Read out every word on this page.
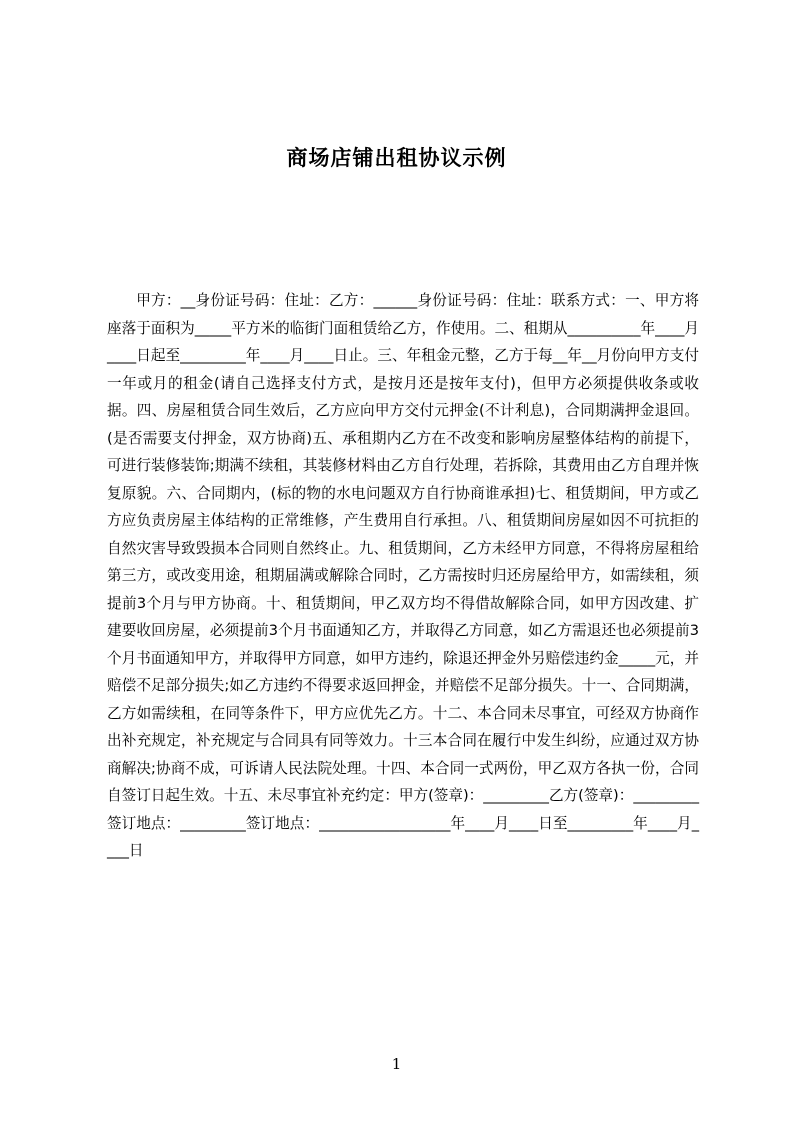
商场店铺出租协议示例

甲方：__身份证号码：住址：乙方：______身份证号码：住址：联系方式：一、甲方将座落于面积为_____平方米的临街门面租赁给乙方，作使用。二、租期从__________年____月____日起至_________年____月____日止。三、年租金元整，乙方于每__年__月份向甲方支付一年或月的租金(请自己选择支付方式，是按月还是按年支付)，但甲方必须提供收条或收据。四、房屋租赁合同生效后，乙方应向甲方交付元押金(不计利息)，合同期满押金退回。(是否需要支付押金，双方协商)五、承租期内乙方在不改变和影响房屋整体结构的前提下，可进行装修装饰;期满不续租，其装修材料由乙方自行处理，若拆除，其费用由乙方自理并恢复原貌。六、合同期内，(标的物的水电问题双方自行协商谁承担)七、租赁期间，甲方或乙方应负责房屋主体结构的正常维修，产生费用自行承担。八、租赁期间房屋如因不可抗拒的自然灾害导致毁损本合同则自然终止。九、租赁期间，乙方未经甲方同意，不得将房屋租给第三方，或改变用途，租期届满或解除合同时，乙方需按时归还房屋给甲方，如需续租，须提前3个月与甲方协商。十、租赁期间，甲乙双方均不得借故解除合同，如甲方因改建、扩建要收回房屋，必须提前3个月书面通知乙方，并取得乙方同意，如乙方需退还也必须提前3个月书面通知甲方，并取得甲方同意，如甲方违约，除退还押金外另赔偿违约金_____元，并赔偿不足部分损失;如乙方违约不得要求返回押金，并赔偿不足部分损失。十一、合同期满，乙方如需续租，在同等条件下，甲方应优先乙方。十二、本合同未尽事宜，可经双方协商作出补充规定，补充规定与合同具有同等效力。十三本合同在履行中发生纠纷，应通过双方协商解决;协商不成，可诉请人民法院处理。十四、本合同一式两份，甲乙双方各执一份，合同自签订日起生效。十五、未尽事宜补充约定：甲方(签章)：_________乙方(签章)：_________签订地点：_________签订地点：__________________年____月____日至_________年____月____日

1
